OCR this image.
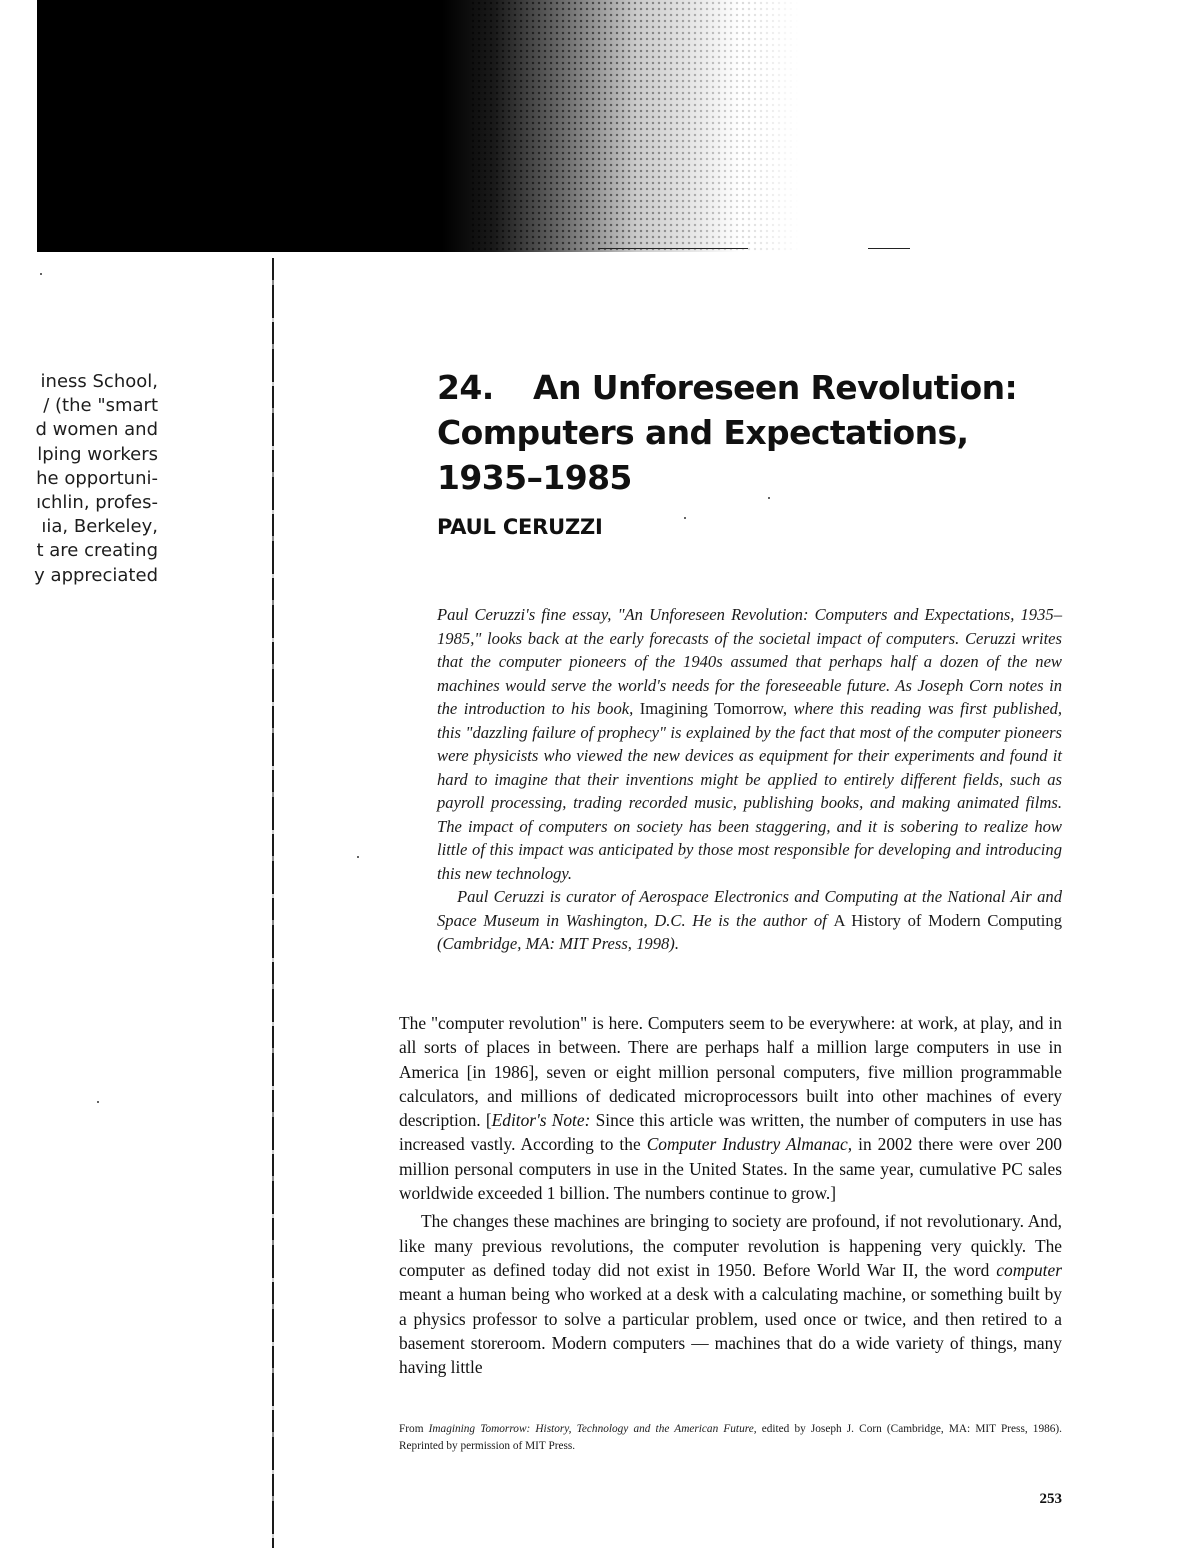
iness School,
/ (the "smart
d women and
lping workers
he opportuni-
ıchlin, profes-
ıia, Berkeley,
t are creating
y appreciated
24. An Unforeseen Revolution:
Computers and Expectations,
1935–1985
PAUL CERUZZI

Paul Ceruzzi's fine essay, "An Unforeseen Revolution: Computers and Expectations, 1935–1985," looks back at the early forecasts of the societal impact of computers. Ceruzzi writes that the computer pioneers of the 1940s assumed that perhaps half a dozen of the new machines would serve the world's needs for the foreseeable future. As Joseph Corn notes in the introduction to his book, Imagining Tomorrow, where this reading was first published, this "dazzling failure of prophecy" is explained by the fact that most of the computer pioneers were physicists who viewed the new devices as equipment for their experiments and found it hard to imagine that their inventions might be applied to entirely different fields, such as payroll processing, trading recorded music, publishing books, and making animated films. The impact of computers on society has been staggering, and it is sobering to realize how little of this impact was anticipated by those most responsible for developing and introducing this new technology.

Paul Ceruzzi is curator of Aerospace Electronics and Computing at the National Air and Space Museum in Washington, D.C. He is the author of A History of Modern Computing (Cambridge, MA: MIT Press, 1998).

The "computer revolution" is here. Computers seem to be everywhere: at work, at play, and in all sorts of places in between. There are perhaps half a million large computers in use in America [in 1986], seven or eight million personal computers, five million programmable calculators, and millions of dedicated microprocessors built into other machines of every description. [Editor's Note: Since this article was written, the number of computers in use has increased vastly. According to the Computer Industry Almanac, in 2002 there were over 200 million personal computers in use in the United States. In the same year, cumulative PC sales worldwide exceeded 1 billion. The numbers continue to grow.]

The changes these machines are bringing to society are profound, if not revolutionary. And, like many previous revolutions, the computer revolution is happening very quickly. The computer as defined today did not exist in 1950. Before World War II, the word computer meant a human being who worked at a desk with a calculating machine, or something built by a physics professor to solve a particular problem, used once or twice, and then retired to a basement storeroom. Modern computers — machines that do a wide variety of things, many having little

From Imagining Tomorrow: History, Technology and the American Future, edited by Joseph J. Corn (Cambridge, MA: MIT Press, 1986). Reprinted by permission of MIT Press.
253
